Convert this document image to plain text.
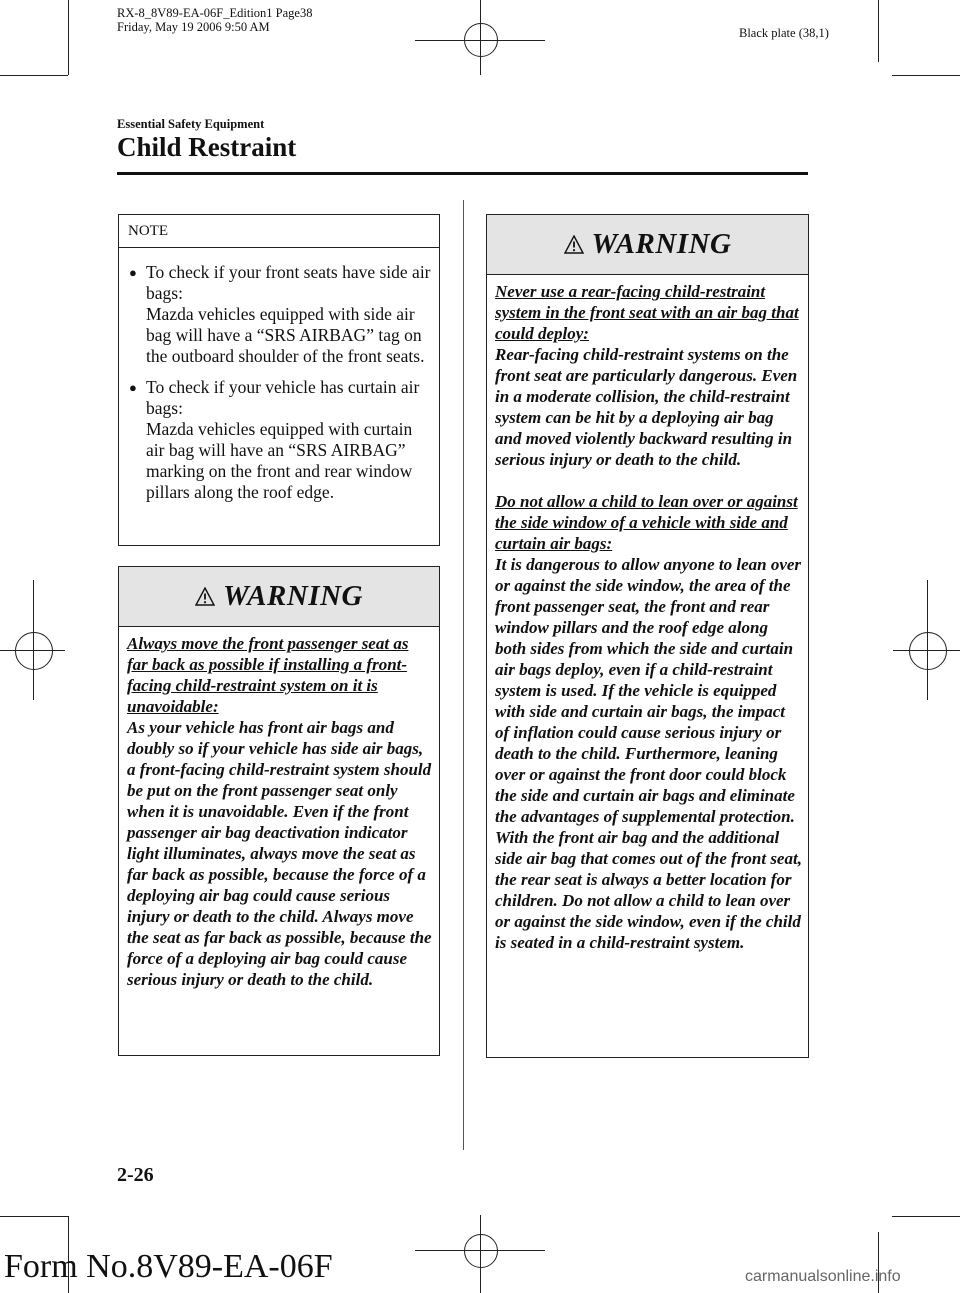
RX-8_8V89-EA-06F_Edition1 Page38
Friday, May 19 2006 9:50 AM	Black plate (38,1)
Essential Safety Equipment
Child Restraint
NOTE
● To check if your front seats have side air bags:
Mazda vehicles equipped with side air bag will have a “SRS AIRBAG” tag on the outboard shoulder of the front seats.
● To check if your vehicle has curtain air bags:
Mazda vehicles equipped with curtain air bag will have an “SRS AIRBAG” marking on the front and rear window pillars along the roof edge.
WARNING

Always move the front passenger seat as far back as possible if installing a front-facing child-restraint system on it is unavoidable:

As your vehicle has front air bags and doubly so if your vehicle has side air bags, a front-facing child-restraint system should be put on the front passenger seat only when it is unavoidable. Even if the front passenger air bag deactivation indicator light illuminates, always move the seat as far back as possible, because the force of a deploying air bag could cause serious injury or death to the child. Always move the seat as far back as possible, because the force of a deploying air bag could cause serious injury or death to the child.

WARNING

Never use a rear-facing child-restraint system in the front seat with an air bag that could deploy:

Rear-facing child-restraint systems on the front seat are particularly dangerous. Even in a moderate collision, the child-restraint system can be hit by a deploying air bag and moved violently backward resulting in serious injury or death to the child.

Do not allow a child to lean over or against the side window of a vehicle with side and curtain air bags:

It is dangerous to allow anyone to lean over or against the side window, the area of the front passenger seat, the front and rear window pillars and the roof edge along both sides from which the side and curtain air bags deploy, even if a child-restraint system is used. If the vehicle is equipped with side and curtain air bags, the impact of inflation could cause serious injury or death to the child. Furthermore, leaning over or against the front door could block the side and curtain air bags and eliminate the advantages of supplemental protection. With the front air bag and the additional side air bag that comes out of the front seat, the rear seat is always a better location for children. Do not allow a child to lean over or against the side window, even if the child is seated in a child-restraint system.

2-26
Form No.8V89-EA-06F	carmanualsonline.info
